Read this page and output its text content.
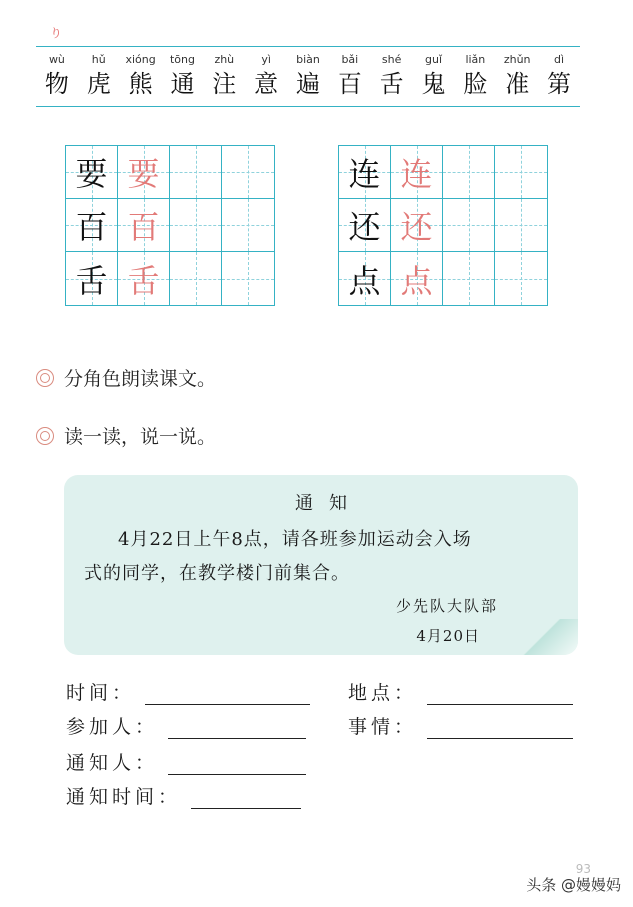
り
wù
物
hǔ
虎
xióng
熊
tōng
通
zhù
注
yì
意
biàn
遍
bǎi
百
shé
舌
guǐ
鬼
liǎn
脸
zhǔn
准
dì
第
要 要
百 百
舌 舌
连 连
还 还
点 点
分角色朗读课文。
读一读，说一说。
通知
4月22日上午8点，请各班参加运动会入场
式的同学，在教学楼门前集合。
少先队大队部
4月20日
时间：	地点：
参加人：	事情：
通知人：
通知时间：
93
头条 @嫚嫚妈
